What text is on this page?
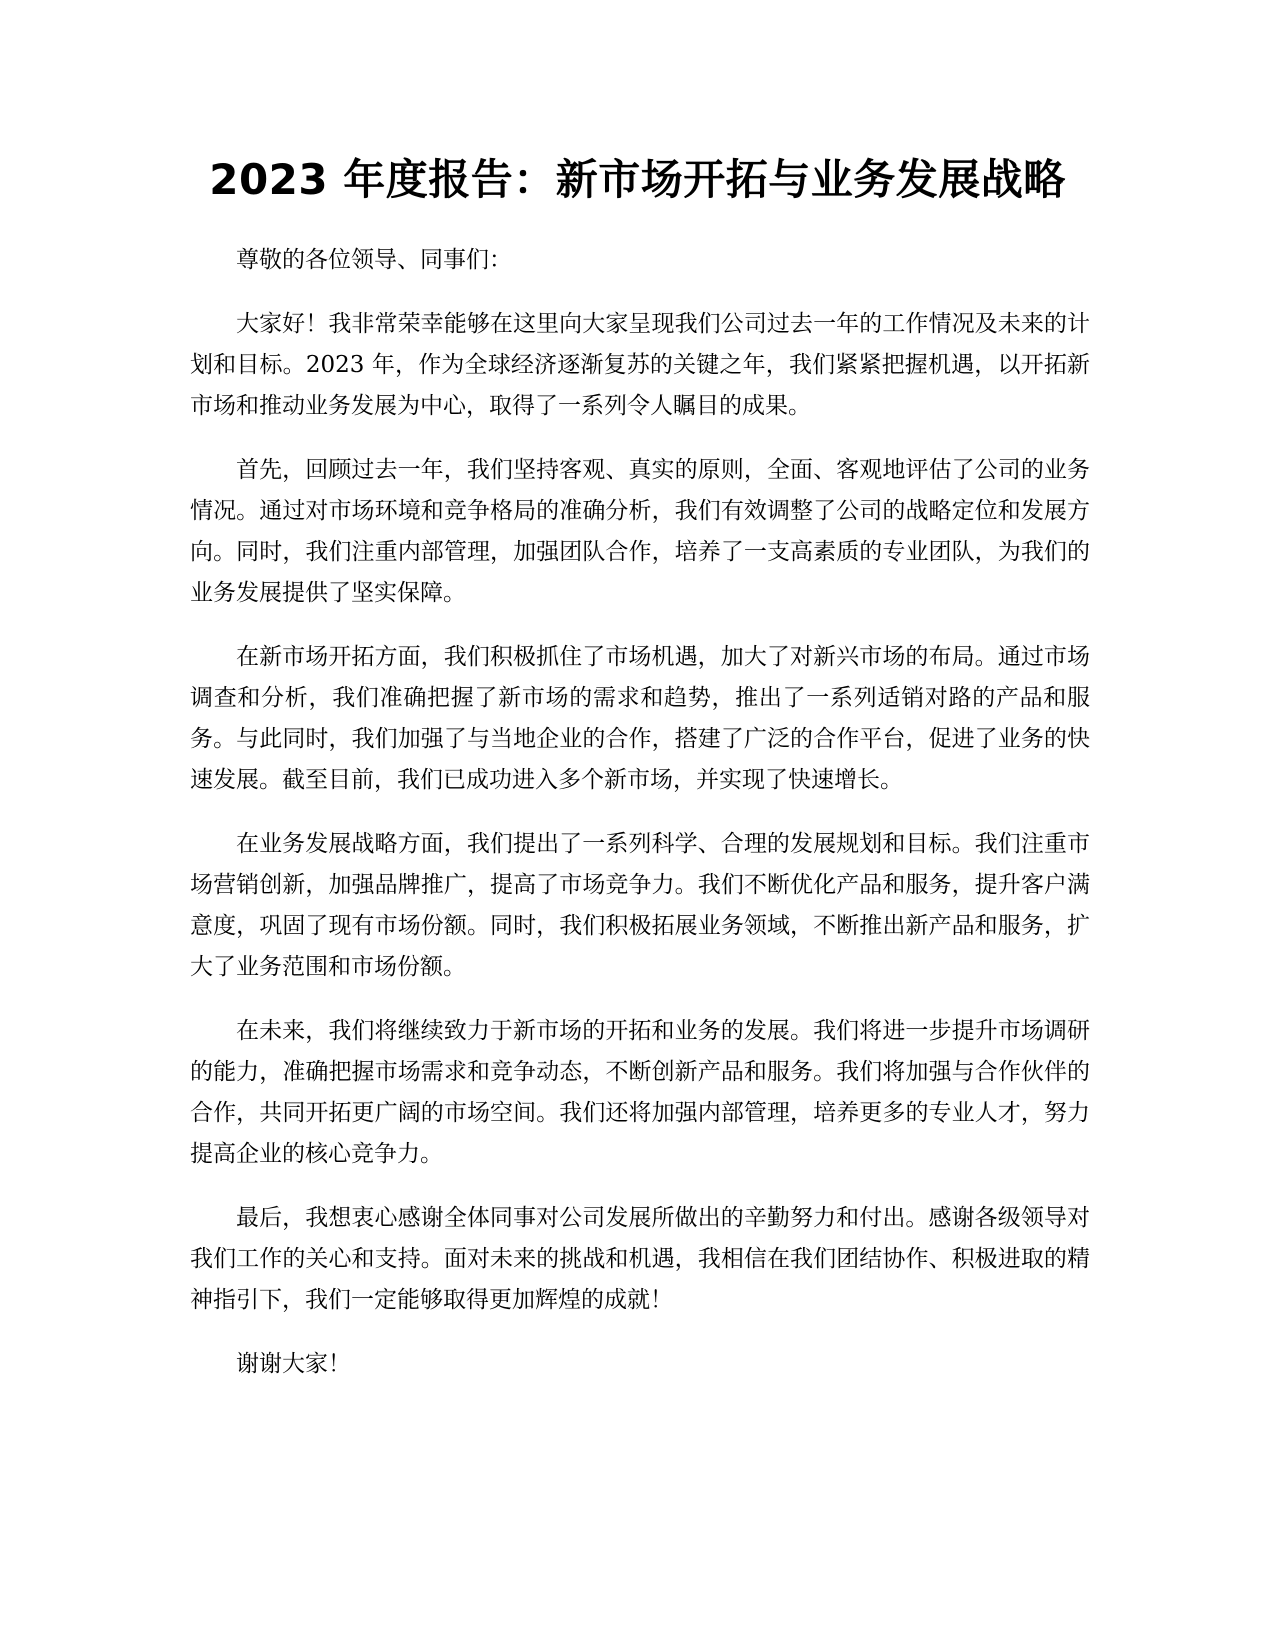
2023 年度报告：新市场开拓与业务发展战略

尊敬的各位领导、同事们：

大家好！我非常荣幸能够在这里向大家呈现我们公司过去一年的工作情况及未来的计划和目标。2023 年，作为全球经济逐渐复苏的关键之年，我们紧紧把握机遇，以开拓新市场和推动业务发展为中心，取得了一系列令人瞩目的成果。

首先，回顾过去一年，我们坚持客观、真实的原则，全面、客观地评估了公司的业务情况。通过对市场环境和竞争格局的准确分析，我们有效调整了公司的战略定位和发展方向。同时，我们注重内部管理，加强团队合作，培养了一支高素质的专业团队，为我们的业务发展提供了坚实保障。

在新市场开拓方面，我们积极抓住了市场机遇，加大了对新兴市场的布局。通过市场调查和分析，我们准确把握了新市场的需求和趋势，推出了一系列适销对路的产品和服务。与此同时，我们加强了与当地企业的合作，搭建了广泛的合作平台，促进了业务的快速发展。截至目前，我们已成功进入多个新市场，并实现了快速增长。

在业务发展战略方面，我们提出了一系列科学、合理的发展规划和目标。我们注重市场营销创新，加强品牌推广，提高了市场竞争力。我们不断优化产品和服务，提升客户满意度，巩固了现有市场份额。同时，我们积极拓展业务领域，不断推出新产品和服务，扩大了业务范围和市场份额。

在未来，我们将继续致力于新市场的开拓和业务的发展。我们将进一步提升市场调研的能力，准确把握市场需求和竞争动态，不断创新产品和服务。我们将加强与合作伙伴的合作，共同开拓更广阔的市场空间。我们还将加强内部管理，培养更多的专业人才，努力提高企业的核心竞争力。

最后，我想衷心感谢全体同事对公司发展所做出的辛勤努力和付出。感谢各级领导对我们工作的关心和支持。面对未来的挑战和机遇，我相信在我们团结协作、积极进取的精神指引下，我们一定能够取得更加辉煌的成就！

谢谢大家！
